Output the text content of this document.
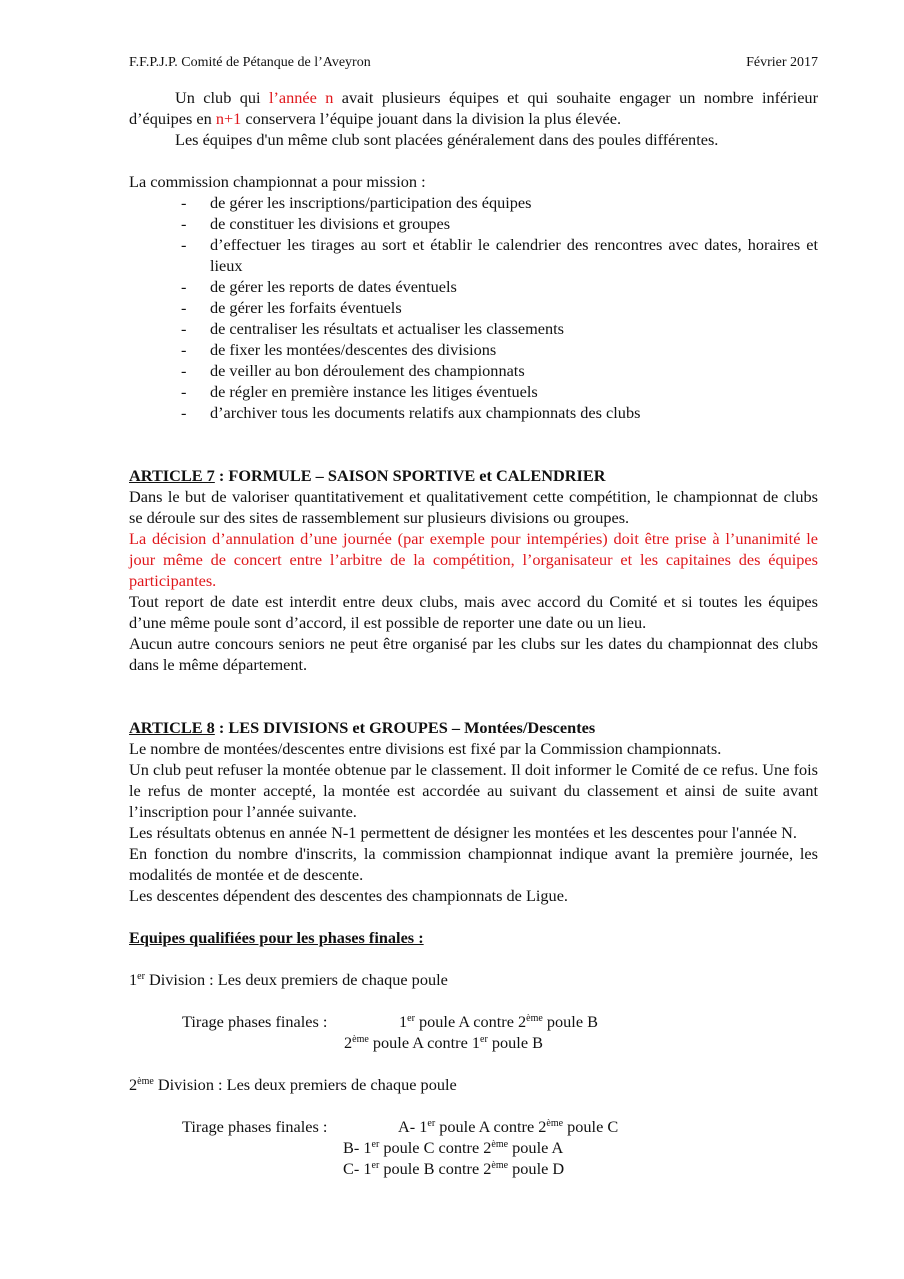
F.F.P.J.P. Comité de Pétanque de l’Aveyron	Février 2017

Un club qui l’année n avait plusieurs équipes et qui souhaite engager un nombre inférieur d’équipes en n+1 conservera l’équipe jouant dans la division la plus élevée.

Les équipes d'un même club sont placées généralement dans des poules différentes.

La commission championnat a pour mission :

- de gérer les inscriptions/participation des équipes
- de constituer les divisions et groupes
- d’effectuer les tirages au sort et établir le calendrier des rencontres avec dates, horaires et lieux
- de gérer les reports de dates éventuels
- de gérer les forfaits éventuels
- de centraliser les résultats et actualiser les classements
- de fixer les montées/descentes des divisions
- de veiller au bon déroulement des championnats
- de régler en première instance les litiges éventuels
- d’archiver tous les documents relatifs aux championnats des clubs

ARTICLE 7 : FORMULE – SAISON SPORTIVE et CALENDRIER

Dans le but de valoriser quantitativement et qualitativement cette compétition, le championnat de clubs se déroule sur des sites de rassemblement sur plusieurs divisions ou groupes.

La décision d’annulation d’une journée (par exemple pour intempéries) doit être prise à l’unanimité le jour même de concert entre l’arbitre de la compétition, l’organisateur et les capitaines des équipes participantes.

Tout report de date est interdit entre deux clubs, mais avec accord du Comité et si toutes les équipes d’une même poule sont d’accord, il est possible de reporter une date ou un lieu.

Aucun autre concours seniors ne peut être organisé par les clubs sur les dates du championnat des clubs dans le même département.

ARTICLE 8 : LES DIVISIONS et GROUPES – Montées/Descentes

Le nombre de montées/descentes entre divisions est fixé par la Commission championnats.

Un club peut refuser la montée obtenue par le classement. Il doit informer le Comité de ce refus. Une fois le refus de monter accepté, la montée est accordée au suivant du classement et ainsi de suite avant l’inscription pour l’année suivante.

Les résultats obtenus en année N-1 permettent de désigner les montées et les descentes pour l'année N.

En fonction du nombre d'inscrits, la commission championnat indique avant la première journée, les modalités de montée et de descente.

Les descentes dépendent des descentes des championnats de Ligue.

Equipes qualifiées pour les phases finales :

1er Division : Les deux premiers de chaque poule

Tirage phases finales :	1er poule A contre 2ème poule B
2ème poule A contre 1er poule B

2ème Division : Les deux premiers de chaque poule

Tirage phases finales :	A- 1er poule A contre 2ème poule C
B- 1er poule C contre 2ème poule A
C- 1er poule B contre 2ème poule D
